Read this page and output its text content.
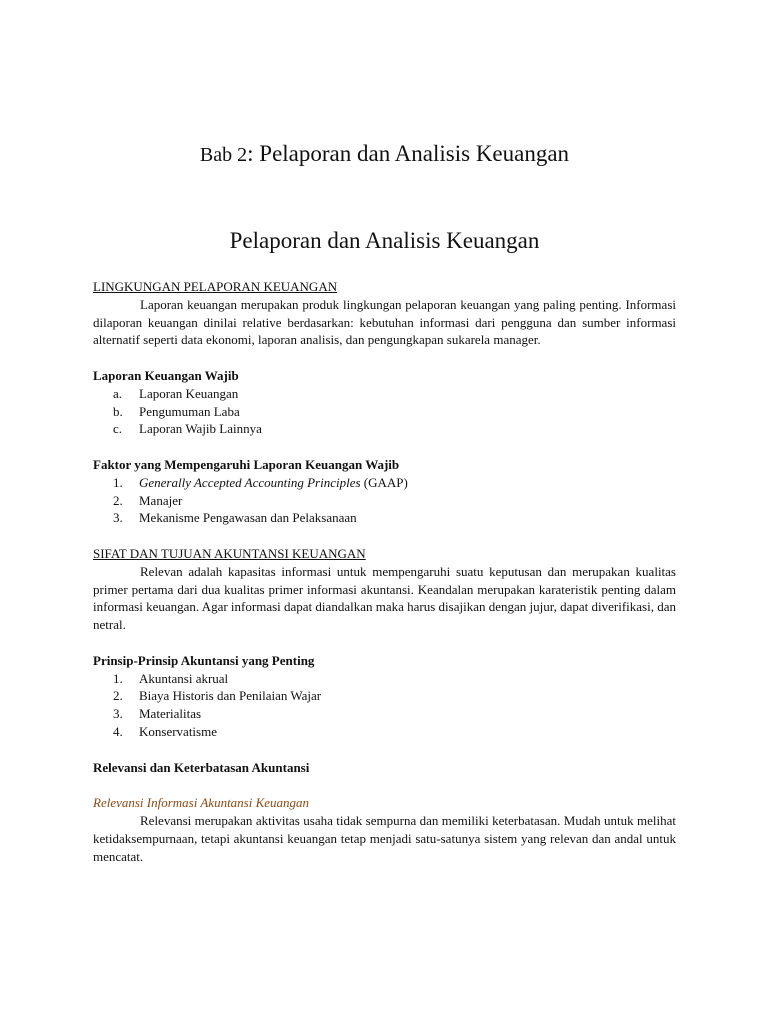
Bab 2: Pelaporan dan Analisis Keuangan
Pelaporan dan Analisis Keuangan
LINGKUNGAN PELAPORAN KEUANGAN

Laporan keuangan merupakan produk lingkungan pelaporan keuangan yang paling penting. Informasi dilaporan keuangan dinilai relative berdasarkan: kebutuhan informasi dari pengguna dan sumber informasi alternatif seperti data ekonomi, laporan analisis, dan pengungkapan sukarela manager.

Laporan Keuangan Wajib
a.	Laporan Keuangan
b.	Pengumuman Laba
c.	Laporan Wajib Lainnya
Faktor yang Mempengaruhi Laporan Keuangan Wajib
1.	Generally Accepted Accounting Principles (GAAP)
2.	Manajer
3.	Mekanisme Pengawasan dan Pelaksanaan
SIFAT DAN TUJUAN AKUNTANSI KEUANGAN

Relevan adalah kapasitas informasi untuk mempengaruhi suatu keputusan dan merupakan kualitas primer pertama dari dua kualitas primer informasi akuntansi. Keandalan merupakan karateristik penting dalam informasi keuangan. Agar informasi dapat diandalkan maka harus disajikan dengan jujur, dapat diverifikasi, dan netral.

Prinsip-Prinsip Akuntansi yang Penting
1.	Akuntansi akrual
2.	Biaya Historis dan Penilaian Wajar
3.	Materialitas
4.	Konservatisme
Relevansi dan Keterbatasan Akuntansi
Relevansi Informasi Akuntansi Keuangan

Relevansi merupakan aktivitas usaha tidak sempurna dan memiliki keterbatasan. Mudah untuk melihat ketidaksempurnaan, tetapi akuntansi keuangan tetap menjadi satu-satunya sistem yang relevan dan andal untuk mencatat.
